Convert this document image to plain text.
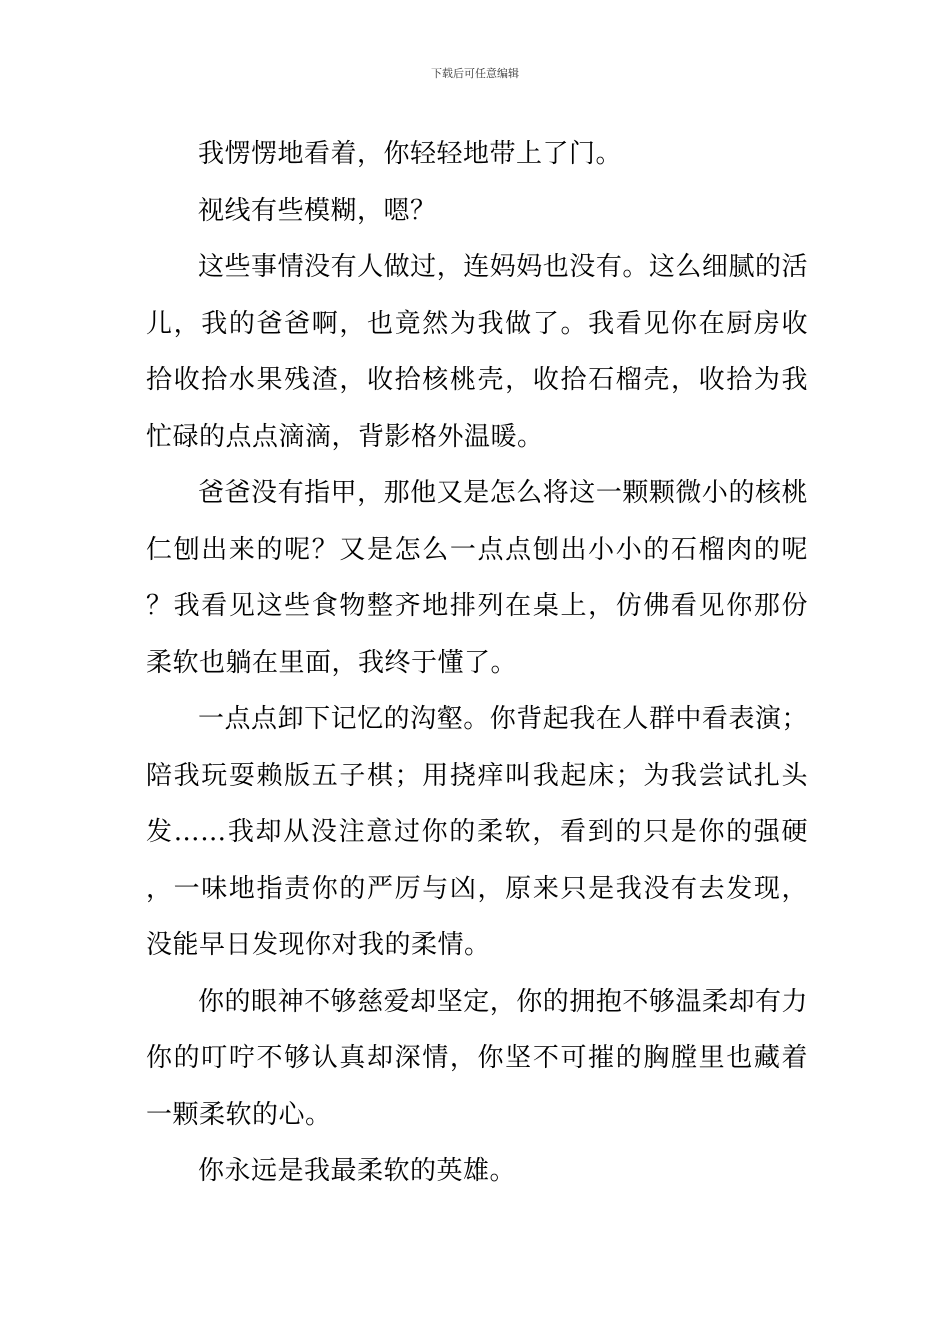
下载后可任意编辑

我愣愣地看着，你轻轻地带上了门。

视线有些模糊，嗯？

这些事情没有人做过，连妈妈也没有。这么细腻的活儿，我的爸爸啊，也竟然为我做了。我看见你在厨房收拾收拾水果残渣，收拾核桃壳，收拾石榴壳，收拾为我忙碌的点点滴滴，背影格外温暖。

爸爸没有指甲，那他又是怎么将这一颗颗微小的核桃仁刨出来的呢？又是怎么一点点刨出小小的石榴肉的呢？我看见这些食物整齐地排列在桌上，仿佛看见你那份柔软也躺在里面，我终于懂了。

一点点卸下记忆的沟壑。你背起我在人群中看表演；陪我玩耍赖版五子棋；用挠痒叫我起床；为我尝试扎头发……我却从没注意过你的柔软，看到的只是你的强硬，一味地指责你的严厉与凶，原来只是我没有去发现，没能早日发现你对我的柔情。

你的眼神不够慈爱却坚定，你的拥抱不够温柔却有力你的叮咛不够认真却深情，你坚不可摧的胸膛里也藏着一颗柔软的心。

你永远是我最柔软的英雄。
